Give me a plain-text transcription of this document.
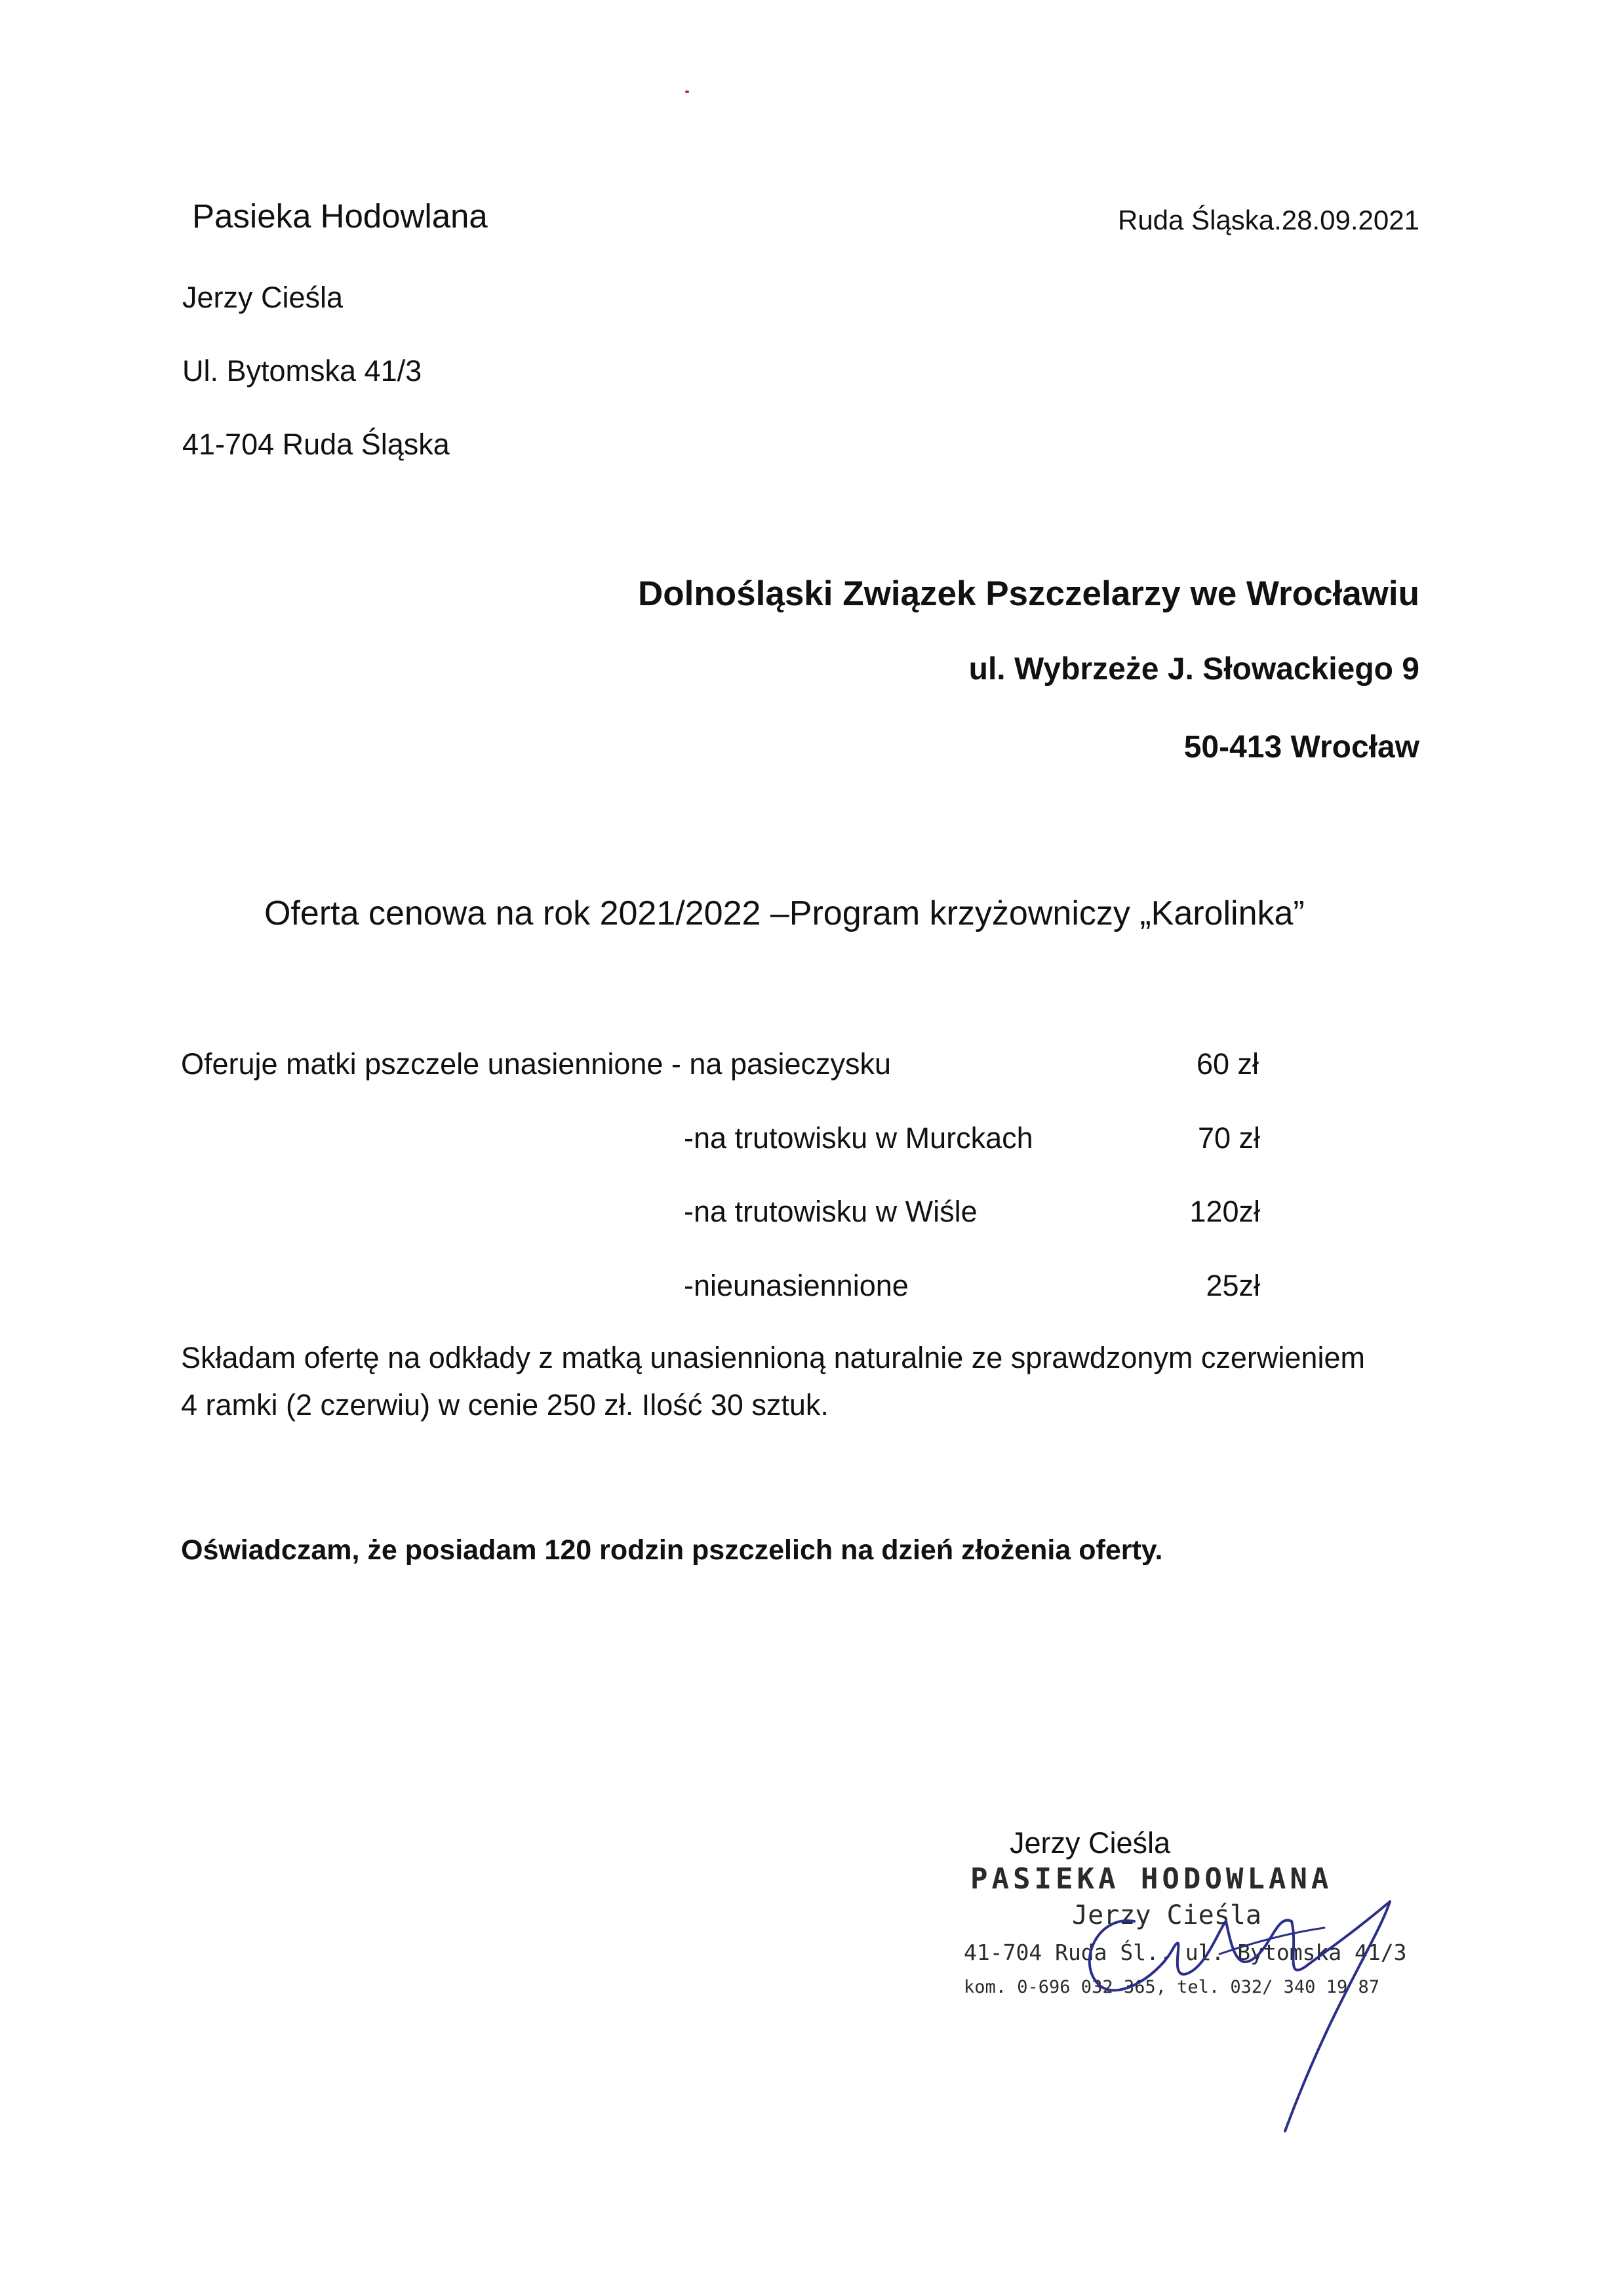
Pasieka Hodowlana
Jerzy Cieśla
Ul. Bytomska 41/3
41-704 Ruda Śląska
Ruda Śląska.28.09.2021
Dolnośląski Związek Pszczelarzy we Wrocławiu
ul. Wybrzeże J. Słowackiego 9
50-413 Wrocław
Oferta cenowa na rok 2021/2022 –Program krzyżowniczy „Karolinka”
Oferuje matki pszczele unasiennione - na pasieczysku	60 zł
-na trutowisku w Murckach	70 zł
-na trutowisku w Wiśle	120zł
-nieunasiennione	25zł
Składam ofertę na odkłady z matką unasiennioną naturalnie ze sprawdzonym czerwieniem
4 ramki (2 czerwiu) w cenie 250 zł. Ilość 30 sztuk.
Oświadczam, że posiadam 120 rodzin pszczelich na dzień złożenia oferty.
Jerzy Cieśla
PASIEKA HODOWLANA
Jerzy Cieśla
41-704 Ruda Śl., ul. Bytomska 41/3
kom. 0-696 032 365, tel. 032/ 340 19 87
